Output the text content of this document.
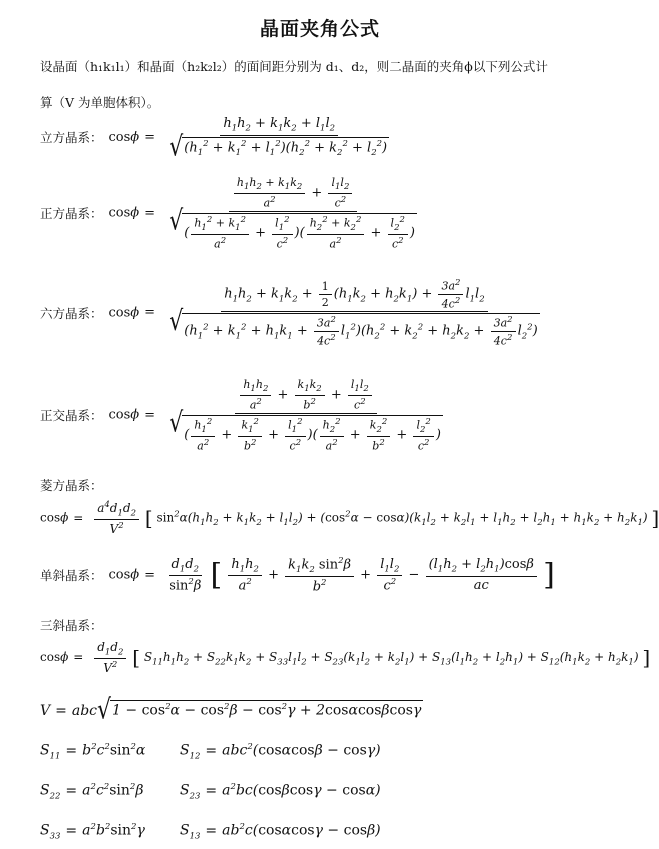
晶面夹角公式
设晶面（h₁k₁l₁）和晶面（h₂k₂l₂）的面间距分别为 d₁、d₂，则二晶面的夹角ϕ以下列公式计
算（V 为单胞体积）。
立方晶系： $\cos\phi = \frac{h_1h_2 + k_1k_2 + l_1l_2}{√ (h_1^2 + k_1^2 + l_1^2)(h_2^2 + k_2^2 + l_2^2)}$
正方晶系： cosϕ =
$\frac{h_1h_2 + k_1k_2}{a^2} + \frac{l_1l_2}{c^2}$
√ ( $\frac{h_1^2 + k_1^2}{a^2} + \frac{l_1^2}{c^2}$ )( $\frac{h_2^2 + k_2^2}{a^2} + \frac{l_2^2}{c^2}$ )
六方晶系： cosϕ =
$h_1h_2 + k_1k_2 + \frac{1}{2} (h_1k_2 + h_2k_1) + \frac{3a^2}{4c^2} l_1l_2$
√ $(h_1^2 + k_1^2 + h_1k_1 + \frac{3a^2}{4c^2} l_1^2)(h_2^2 + k_2^2 + h_2k_2 + \frac{3a^2}{4c^2} l_2^2)$
正交晶系： cosϕ =
$\frac{h_1h_2}{a^2} + \frac{k_1k_2}{b^2} + \frac{l_1l_2}{c^2}$
√ ( $\frac{h_1^2}{a^2} + \frac{k_1^2}{b^2} + \frac{l_1^2}{c^2}$ )( $\frac{h_2^2}{a^2} + \frac{k_2^2}{b^2} + \frac{l_2^2}{c^2}$ )
菱方晶系：
$\cos\phi = \frac{a^4d_1d_2}{V^2}$ [ $\sin^2\alpha(h_1h_2 + k_1k_2 + l_1l_2) + (\cos^2\alpha - \cos\alpha)(k_1l_2 + k_2l_1 + l_1h_2 + l_2h_1 + h_1k_2 + h_2k_1)$ ]
单斜晶系： $\cos\phi = \frac{d_1d_2}{\sin^2\beta}$ [ $\frac{h_1h_2}{a^2} + \frac{k_1k_2 \sin^2\beta}{b^2} + \frac{l_1l_2}{c^2} - \frac{(l_1h_2 + l_2h_1)\cos\beta}{ac}$ ]
三斜晶系：
$\cos\phi = \frac{d_1d_2}{V^2}$ [ $S_{11}h_1h_2 + S_{22}k_1k_2 + S_{33}l_1l_2 + S_{23}(k_1l_2 + k_2l_1) + S_{13}(l_1h_2 + l_2h_1) + S_{12}(h_1k_2 + h_2k_1)$ ]
V = abc √ $1 - \cos^2\alpha - \cos^2\beta - \cos^2\gamma + 2\cos\alpha\cos\beta\cos\gamma$
$S_{11} = b^2c^2\sin^2\alpha$	$S_{12} = abc^2(\cos\alpha\cos\beta - \cos\gamma)$
$S_{22} = a^2c^2\sin^2\beta$	$S_{23} = a^2bc(\cos\beta\cos\gamma - \cos\alpha)$
$S_{33} = a^2b^2\sin^2\gamma$	$S_{13} = ab^2c(\cos\alpha\cos\gamma - \cos\beta)$
